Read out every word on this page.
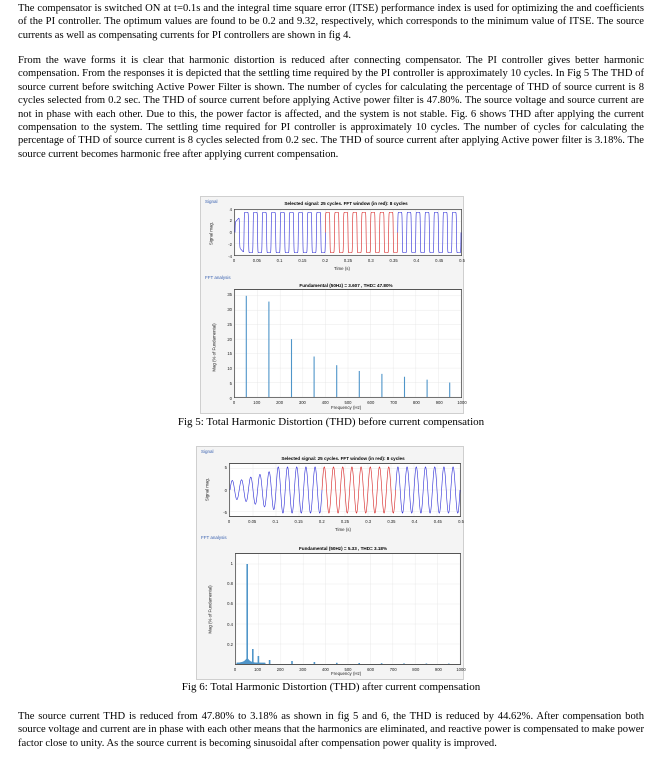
The compensator is switched ON at t=0.1s and the integral time square error (ITSE) performance index is used for optimizing the and coefficients of the PI controller. The optimum values are found to be 0.2 and 9.32, respectively, which corresponds to the minimum value of ITSE. The source currents as well as compensating currents for PI controllers are shown in fig 4.

From the wave forms it is clear that harmonic distortion is reduced after connecting compensator. The PI controller gives better harmonic compensation. From the responses it is depicted that the settling time required by the PI controller is approximately 10 cycles. In Fig 5 The THD of source current before switching Active Power Filter is shown. The number of cycles for calculating the percentage of THD of source current is 8 cycles selected from 0.2 sec. The THD of source current before applying Active power filter is 47.80%. The source voltage and source current are not in phase with each other. Due to this, the power factor is affected, and the system is not stable. Fig. 6 shows THD after applying the current compensation to the system. The settling time required for PI controller is approximately 10 cycles. The number of cycles for calculating the percentage of THD of source current is 8 cycles selected from 0.2 sec. The THD of source current after applying Active power filter is 3.18%. The source current becomes harmonic free after applying current compensation.

Signal	Selected signal: 25 cycles. FFT window (in red): 8 cycles
Signal mag.
Time (s)
FFT analysis
Fundamental (50Hz) = 3.607 , THD= 47.80%
Mag (% of Fundamental)
Frequency (Hz)
0	0.05	0.1	0.15	0.2	0.25	0.3	0.35	0.4	0.45	0.5
-4
-2
0
2
4
0	100	200	300	400	500	600	700	800	900	1000
0
5
10
15
20
25
30
35
Fig 5: Total Harmonic Distortion (THD) before current compensation
Signal
Selected signal: 25 cycles. FFT window (in red): 8 cycles
Signal mag.
Time (s)
FFT analysis
Fundamental (50Hz) = 5.33 , THD= 3.18%
Mag (% of Fundamental)
Frequency (Hz)
0	0.05	0.1	0.15	0.2	0.25	0.3	0.35	0.4	0.45	0.5
-5
0
5
0	100	200	300	400	500	600	700	800	900	1000
0.2
0.4
0.6
0.8
1
Fig 6: Total Harmonic Distortion (THD) after current compensation

The source current THD is reduced from 47.80% to 3.18% as shown in fig 5 and 6, the THD is reduced by 44.62%. After compensation both source voltage and current are in phase with each other means that the harmonics are eliminated, and reactive power is compensated to make power factor close to unity. As the source current is becoming sinusoidal after compensation power quality is improved.
